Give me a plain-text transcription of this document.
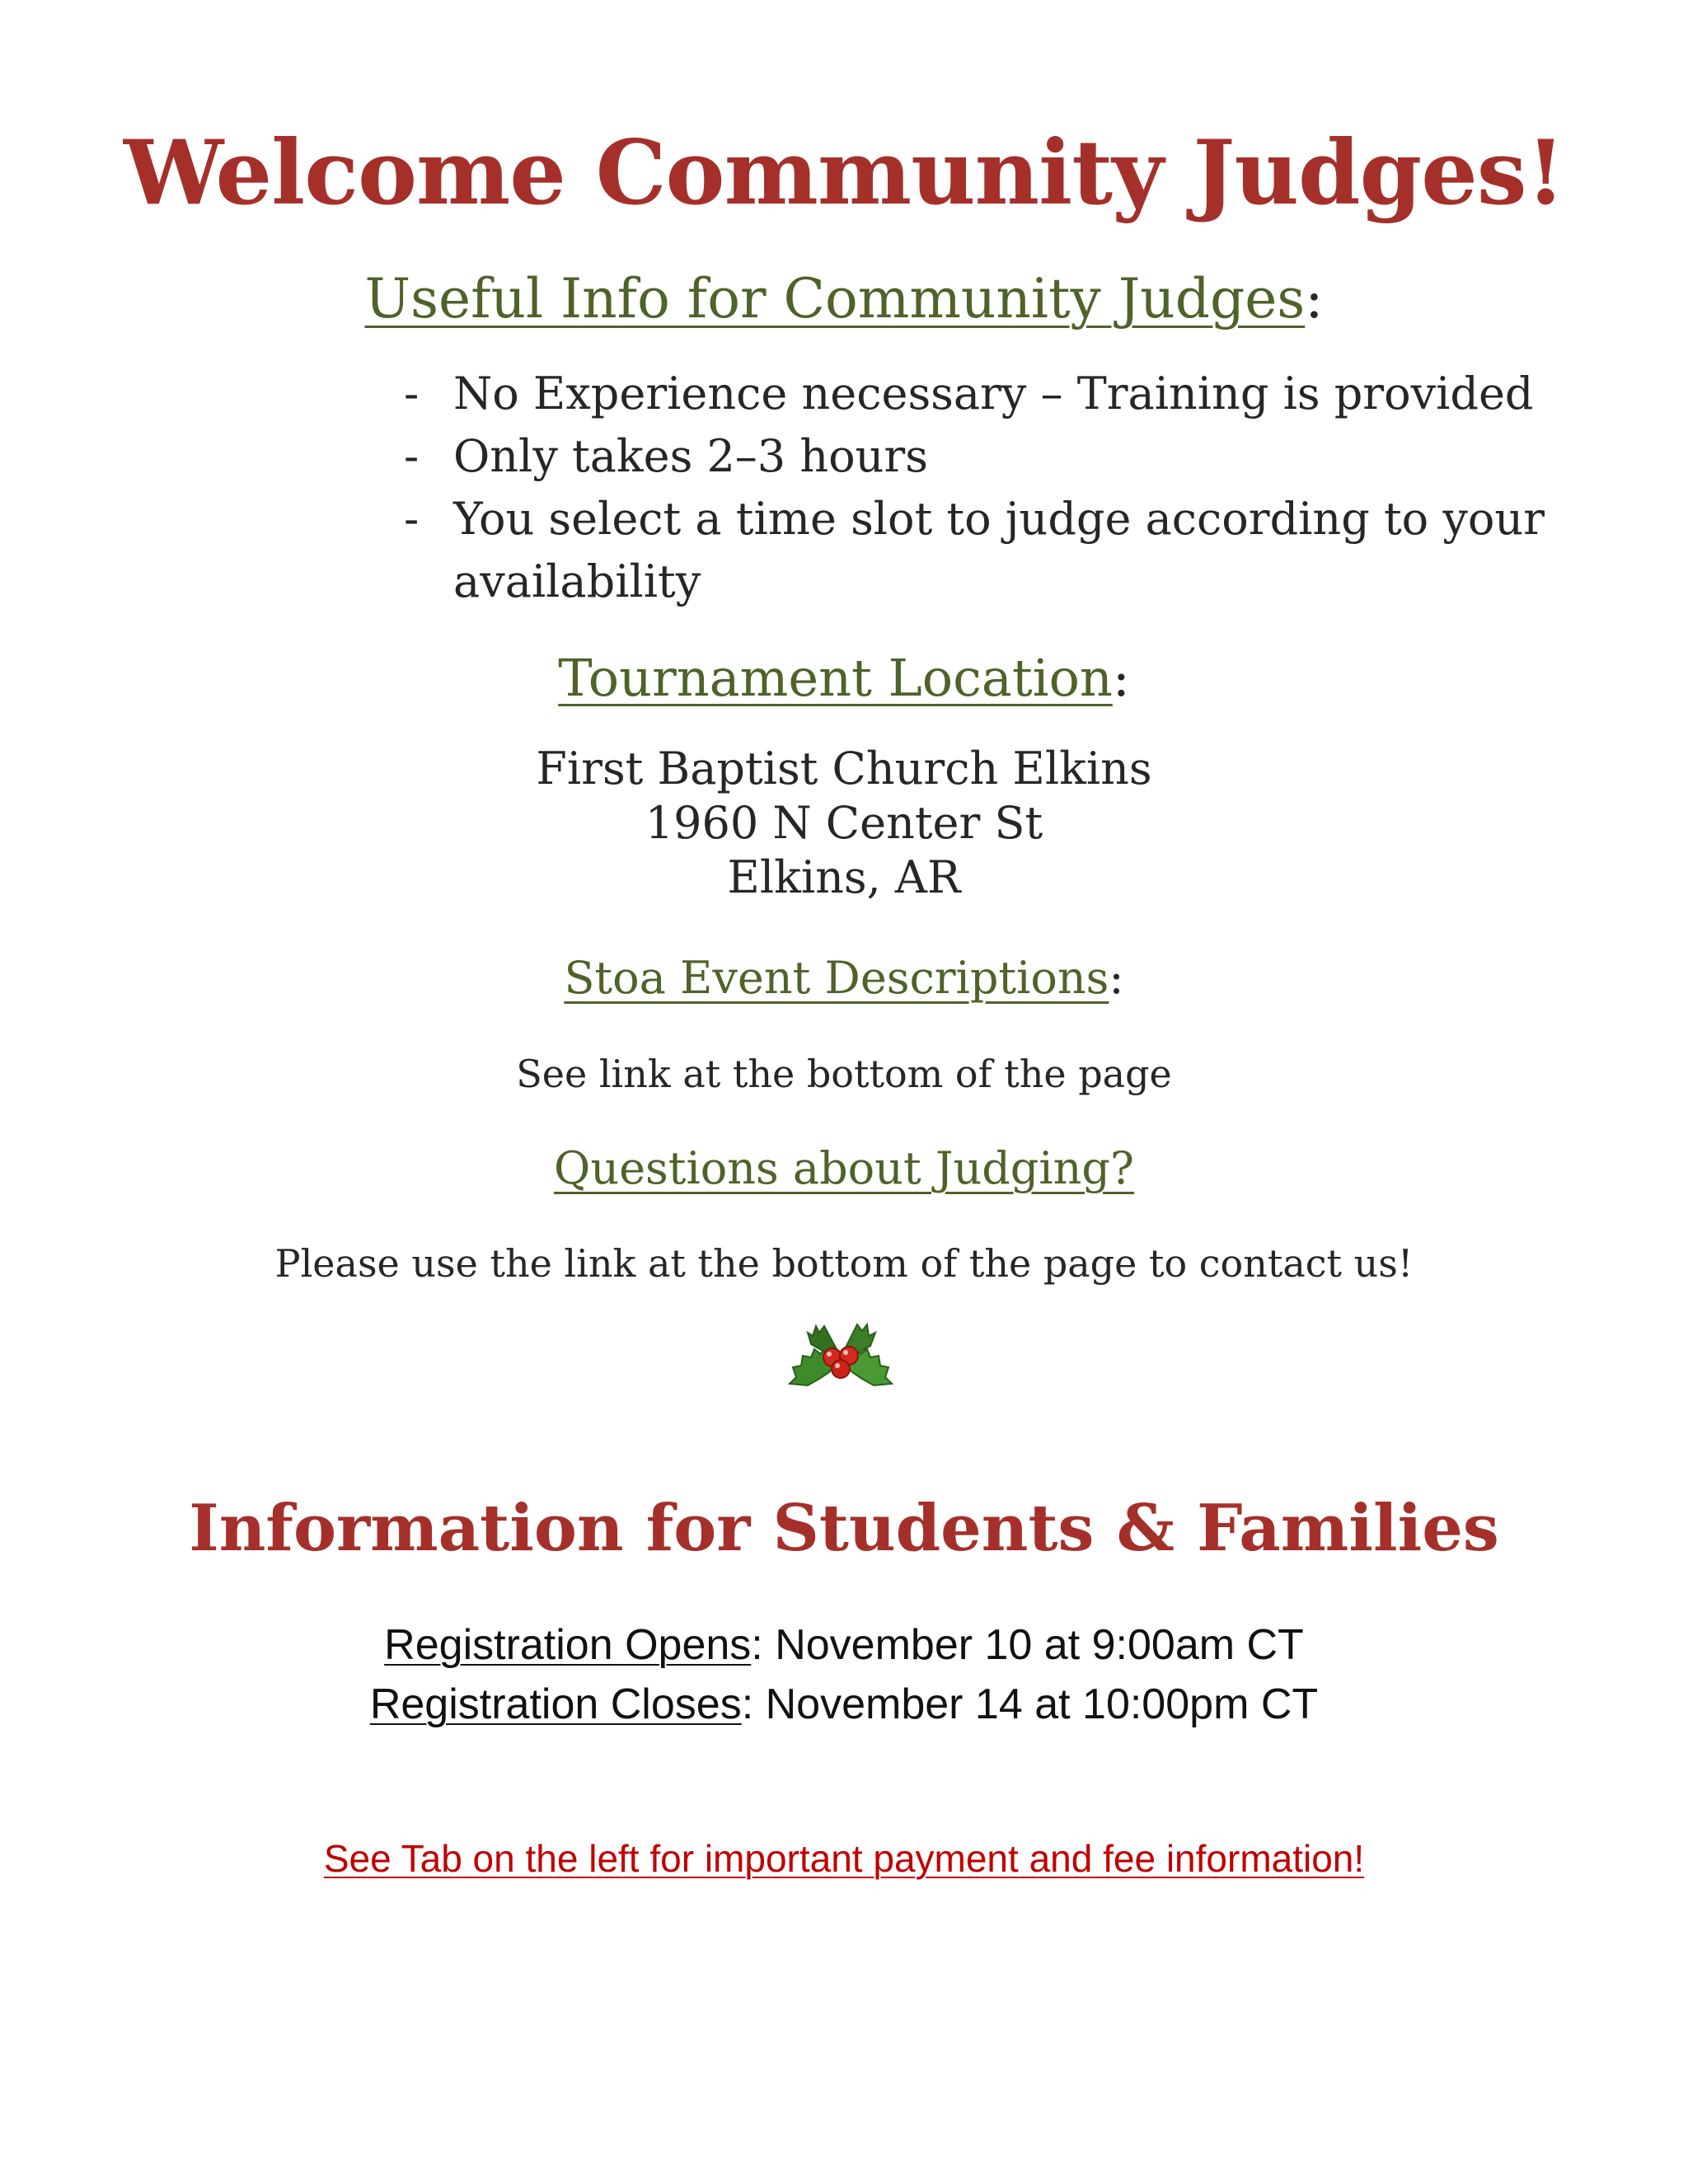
Welcome Community Judges!
Useful Info for Community Judges:
- No Experience necessary – Training is provided
- Only takes 2–3 hours
- You select a time slot to judge according to your availability
Tournament Location:
First Baptist Church Elkins
1960 N Center St
Elkins, AR
Stoa Event Descriptions:
See link at the bottom of the page
Questions about Judging?
Please use the link at the bottom of the page to contact us!
Information for Students & Families
Registration Opens: November 10 at 9:00am CT
Registration Closes: November 14 at 10:00pm CT
See Tab on the left for important payment and fee information!
